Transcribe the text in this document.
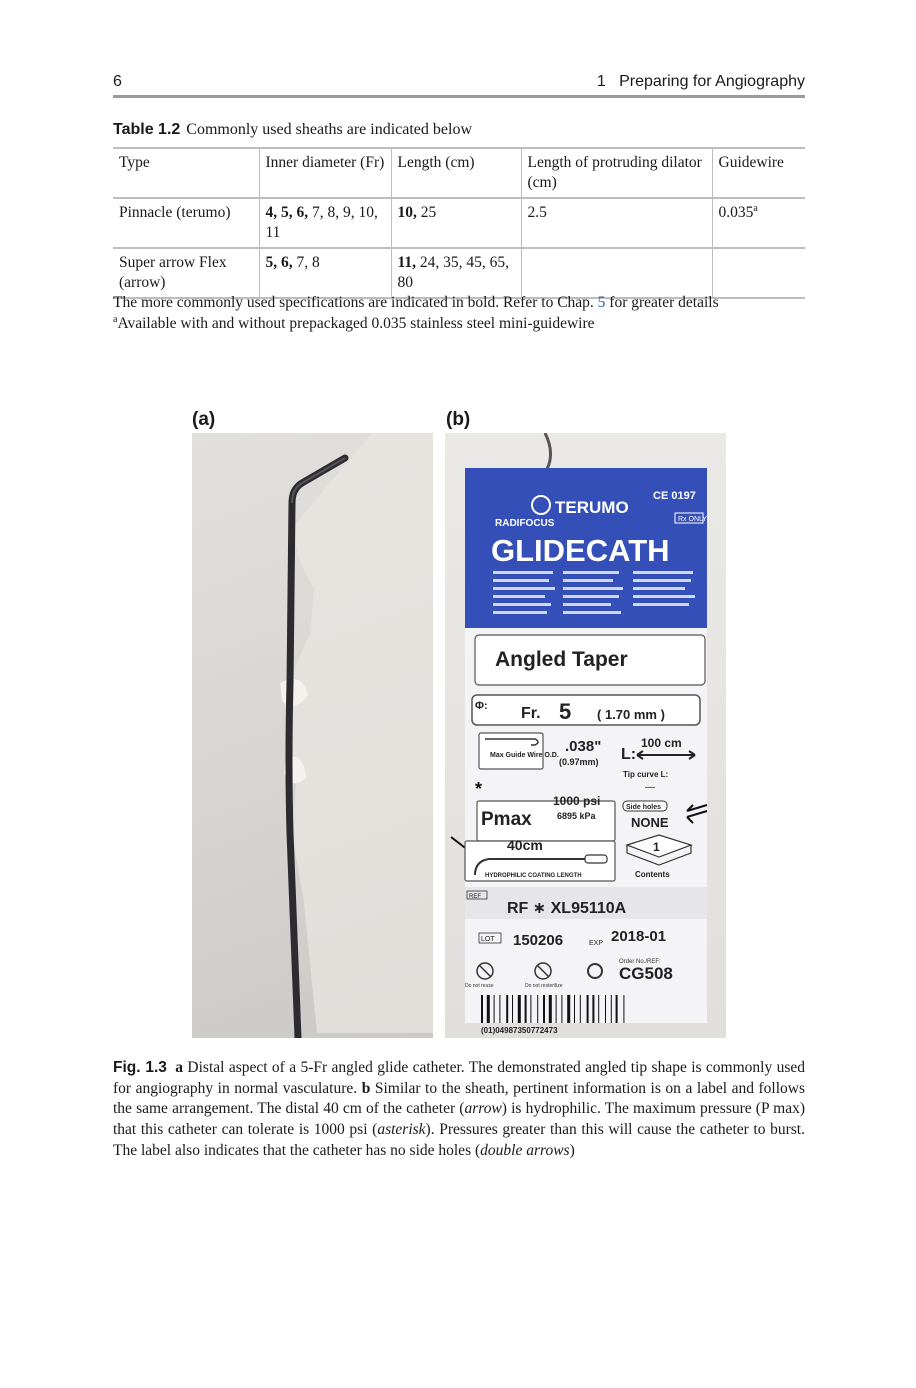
6	1   Preparing for Angiography
Table 1.2 Commonly used sheaths are indicated below
Type	Inner diameter (Fr)	Length (cm)	Length of protruding dilator (cm)	Guidewire
Pinnacle (terumo)	4, 5, 6, 7, 8, 9, 10, 11	10, 25	2.5	0.035$^a$
Super arrow Flex (arrow)	5, 6, 7, 8	11, 24, 35, 45, 65, 80		
The more commonly used specifications are indicated in bold. Refer to Chap. 5 for greater details
$^a$Available with and without prepackaged 0.035 stainless steel mini-guidewire
(a)	(b)
TERUMO
CE 0197
Rx ONLY
RADIFOCUS
GLIDECATH
Angled Taper
Φ: Fr. 5 ( 1.70 mm )
Max Guide Wire O.D.
.038"
(0.97mm) L:
100 cm
Tip curve L:
—
*
Pmax
1000 psi
6895 kPa
Side holes
NONE
40cm
HYDROPHILIC COATING LENGTH
1
Contents
REF
RF ∗ XL95110A
LOT 150206	EXP 2018-01
Do not reuse	Do not resterilize
Order No./REF:
CG508
(01)04987350772473
Fig. 1.3 a Distal aspect of a 5-Fr angled glide catheter. The demonstrated angled tip shape is commonly used for angiography in normal vasculature. b Similar to the sheath, pertinent information is on a label and follows the same arrangement. The distal 40 cm of the catheter (arrow) is hydrophilic. The maximum pressure (P max) that this catheter can tolerate is 1000 psi (asterisk). Pressures greater than this will cause the catheter to burst. The label also indicates that the catheter has no side holes (double arrows)
